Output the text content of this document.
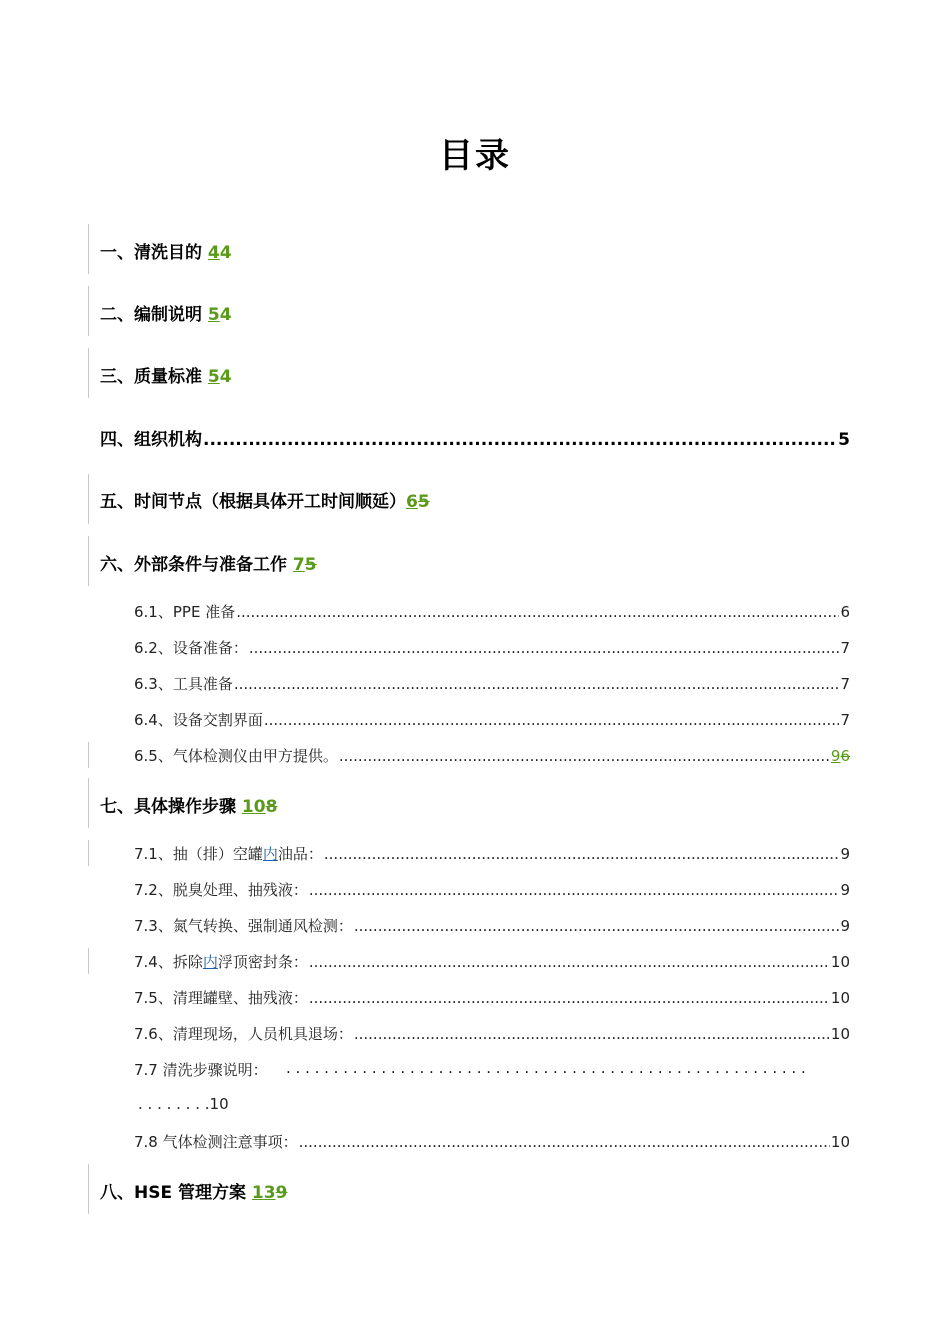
目录
一、清洗目的 44
二、编制说明 54
三、质量标准 54
四、组织机构 .....	5
五、时间节点（根据具体开工时间顺延）65
六、外部条件与准备工作 75
6.1、PPE 准备 .....	6
6.2、设备准备： .....	7
6.3、工具准备 .....	7
6.4、设备交割界面 .....	7
6.5、气体检测仪由甲方提供。 .....	96
七、具体操作步骤 108
7.1、抽（排）空罐内油品： .....	9
7.2、脱臭处理、抽残液： .....	9
7.3、氮气转换、强制通风检测： .....	9
7.4、拆除内浮顶密封条： .....	10
7.5、清理罐壁、抽残液： .....	10
7.6、清理现场，人员机具退场： .....	10
7.7 清洗步骤说明：	. . . . . . . . . . . . . . . . . . . . . . . . . . . . . . . . . . . . . . . . . . . . . . . . . . . . . . .
. . . . . . . .10
7.8 气体检测注意事项： .....	10
八、HSE 管理方案 139
